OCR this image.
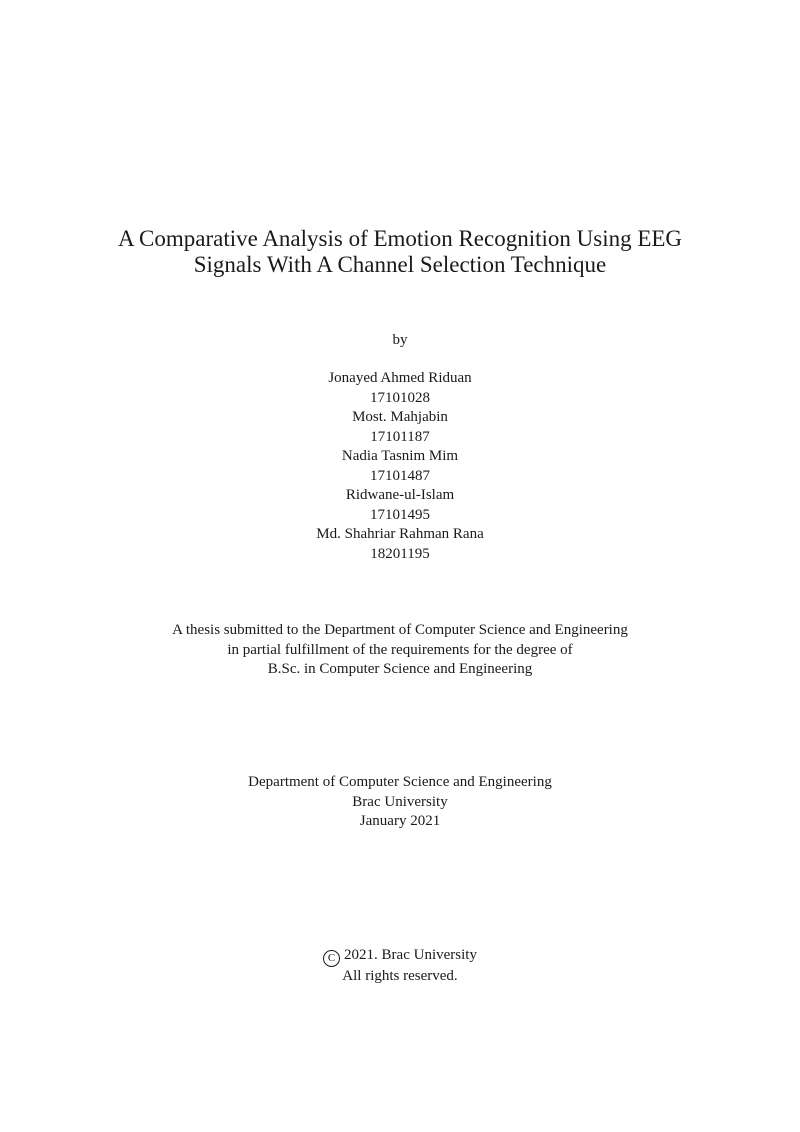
A Comparative Analysis of Emotion Recognition Using EEG
Signals With A Channel Selection Technique
by
Jonayed Ahmed Riduan
17101028
Most. Mahjabin
17101187
Nadia Tasnim Mim
17101487
Ridwane-ul-Islam
17101495
Md. Shahriar Rahman Rana
18201195
A thesis submitted to the Department of Computer Science and Engineering
in partial fulfillment of the requirements for the degree of
B.Sc. in Computer Science and Engineering
Department of Computer Science and Engineering
Brac University
January 2021
C 2021. Brac University
All rights reserved.
